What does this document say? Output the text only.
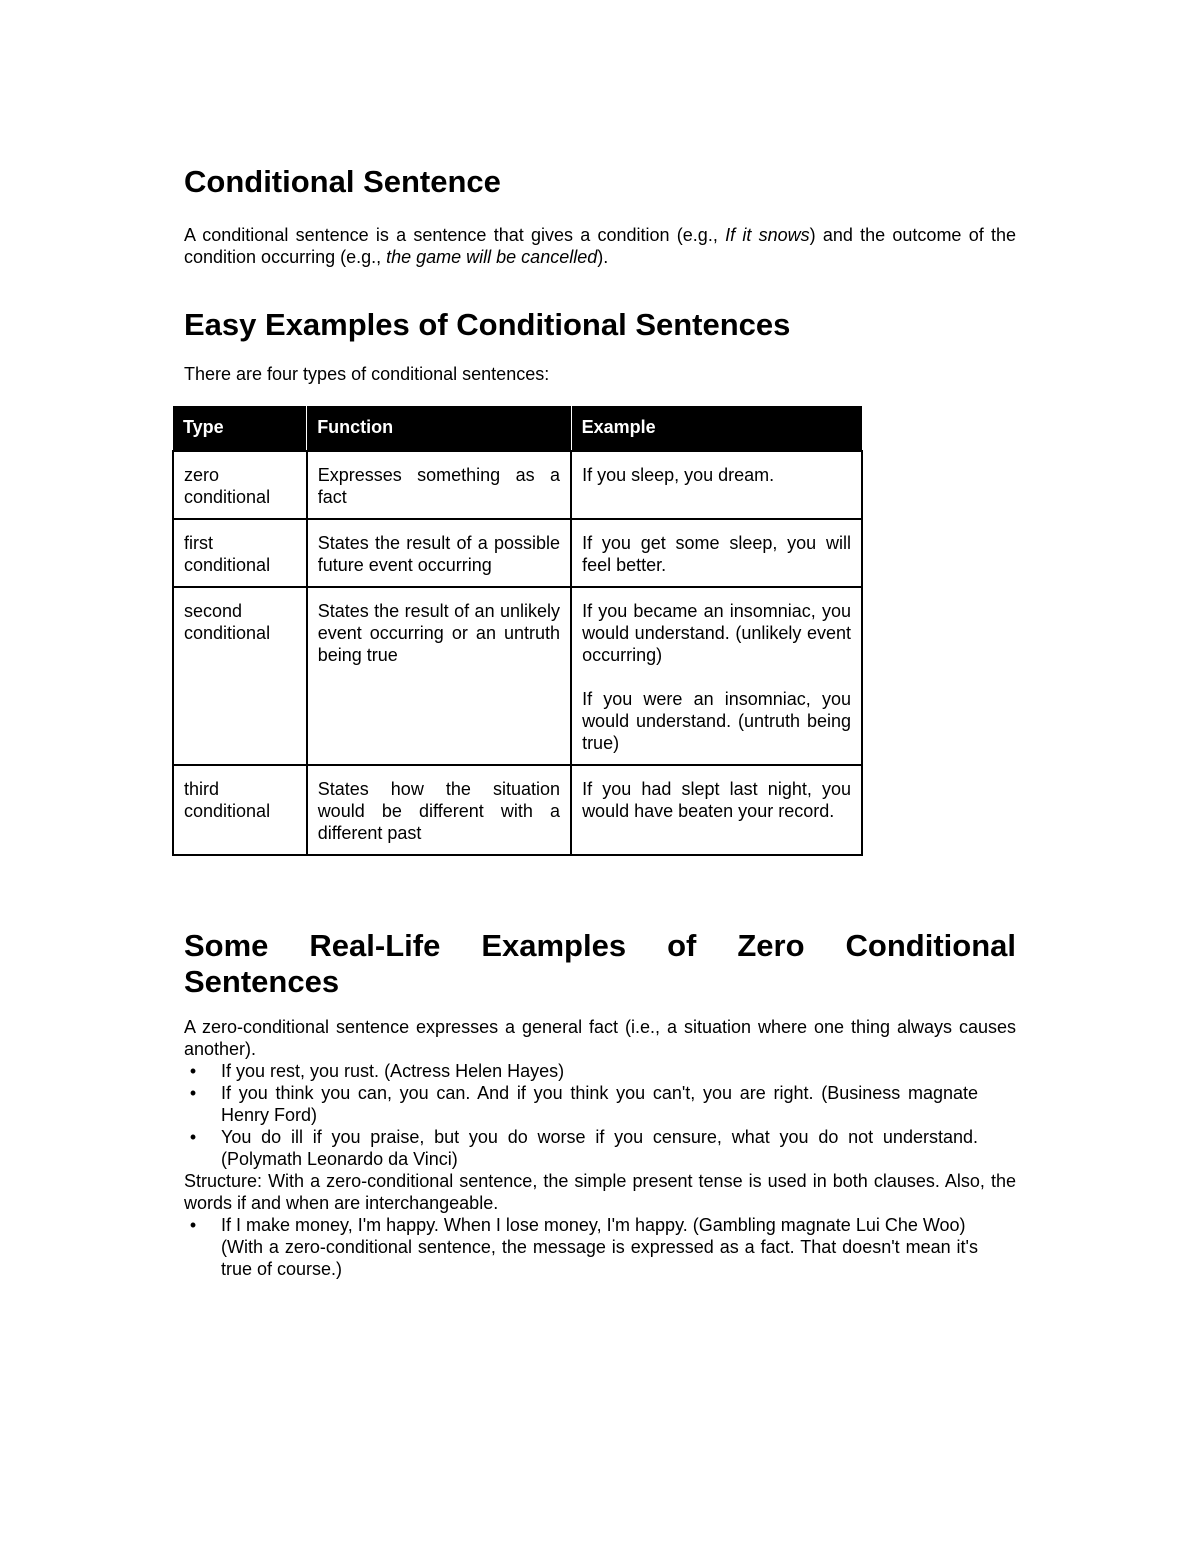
Conditional Sentence

A conditional sentence is a sentence that gives a condition (e.g., If it snows) and the outcome of the condition occurring (e.g., the game will be cancelled).

Easy Examples of Conditional Sentences

There are four types of conditional sentences:

Type	Function	Example
zero conditional	Expresses something as a fact	If you sleep, you dream.
first conditional	States the result of a possible future event occurring	If you get some sleep, you will feel better.
second conditional	States the result of an unlikely event occurring or an untruth being true	If you became an insomniac, you would understand. (unlikely event occurring)
If you were an insomniac, you would understand. (untruth being true)

third conditional	States how the situation would be different with a different past	If you had slept last night, you would have beaten your record.
Some Real-Life Examples of Zero Conditional
Sentences

A zero-conditional sentence expresses a general fact (i.e., a situation where one thing always causes another).

• If you rest, you rust. (Actress Helen Hayes)
• If you think you can, you can. And if you think you can't, you are right. (Business magnate Henry Ford)
• You do ill if you praise, but you do worse if you censure, what you do not understand. (Polymath Leonardo da Vinci)

Structure: With a zero-conditional sentence, the simple present tense is used in both clauses. Also, the words if and when are interchangeable.

• If I make money, I'm happy. When I lose money, I'm happy. (Gambling magnate Lui Che Woo)
(With a zero-conditional sentence, the message is expressed as a fact. That doesn't mean it's true of course.)
